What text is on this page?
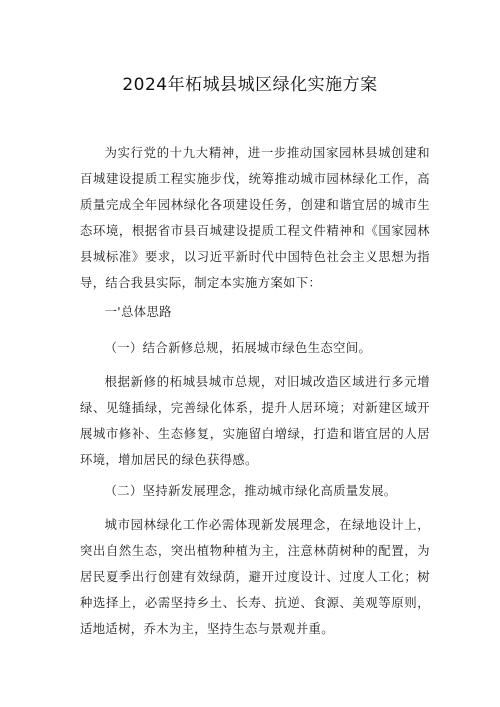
2024年柘城县城区绿化实施方案

为实行党的十九大精神，进一步推动国家园林县城创建和百城建设提质工程实施步伐，统筹推动城市园林绿化工作，高质量完成全年园林绿化各项建设任务，创建和谐宜居的城市生态环境，根据省市县百城建设提质工程文件精神和《国家园林县城标准》要求，以习近平新时代中国特色社会主义思想为指导，结合我县实际，制定本实施方案如下：

一'总体思路

（一）结合新修总规，拓展城市绿色生态空间。

根据新修的柘城县城市总规，对旧城改造区域进行多元增绿、见缝插绿，完善绿化体系，提升人居环境；对新建区域开展城市修补、生态修复，实施留白增绿，打造和谐宜居的人居环境，增加居民的绿色获得感。

（二）坚持新发展理念，推动城市绿化高质量发展。

城市园林绿化工作必需体现新发展理念，在绿地设计上，突出自然生态，突出植物种植为主，注意林荫树种的配置，为居民夏季出行创建有效绿荫，避开过度设计、过度人工化；树种选择上，必需坚持乡土、长寿、抗逆、食源、美观等原则，适地适树，乔木为主，坚持生态与景观并重。
